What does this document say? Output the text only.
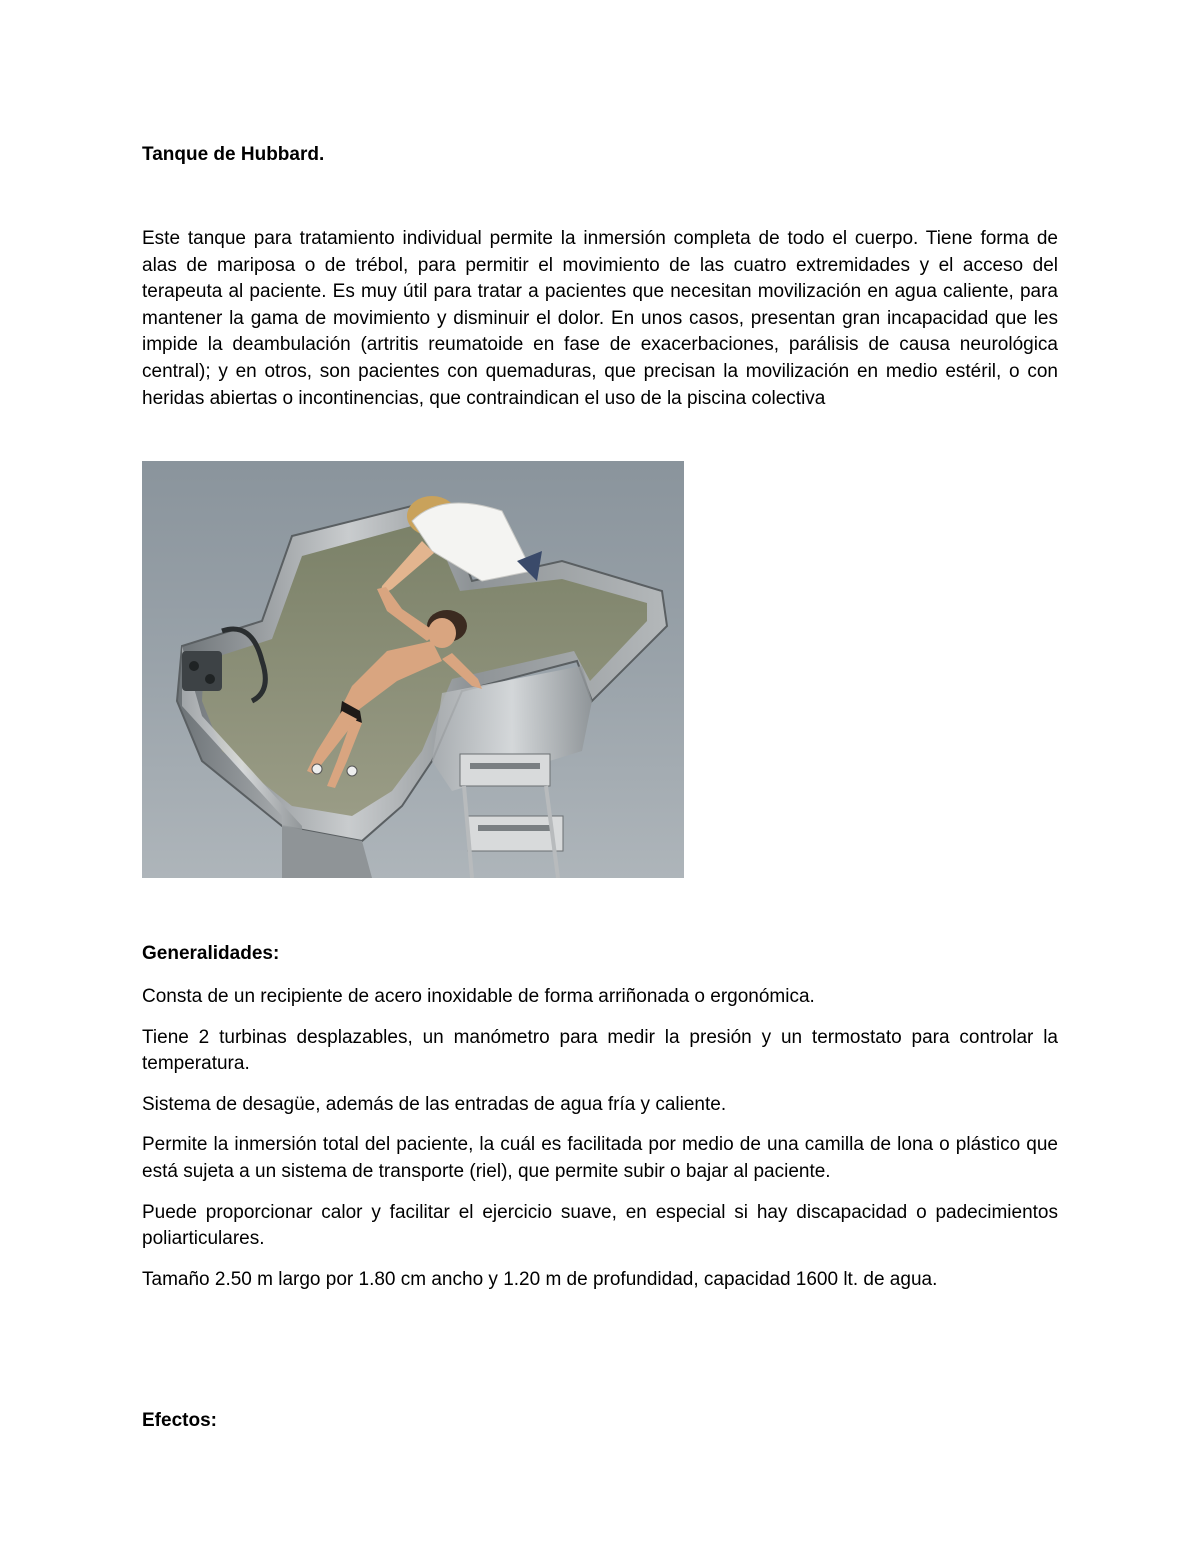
Tanque de Hubbard.

Este tanque para tratamiento individual permite la inmersión completa de todo el cuerpo. Tiene forma de alas de mariposa o de trébol, para permitir el movimiento de las cuatro extremidades y el acceso del terapeuta al paciente. Es muy útil para tratar a pacientes que necesitan movilización en agua caliente, para mantener la gama de movimiento y disminuir el dolor. En unos casos, presentan gran incapacidad que les impide la deambulación (artritis reumatoide en fase de exacerbaciones, parálisis de causa neurológica central); y en otros, son pacientes con quemaduras, que precisan la movilización en medio estéril, o con heridas abiertas o incontinencias, que contraindican el uso de la piscina colectiva

Generalidades:

Consta de un recipiente de acero inoxidable de forma arriñonada o ergonómica.

Tiene 2 turbinas desplazables, un manómetro para medir la presión y un termostato para controlar la temperatura.

Sistema de desagüe, además de las entradas de agua fría y caliente.

Permite la inmersión total del paciente, la cuál es facilitada por medio de una camilla de lona o plástico que está sujeta a un sistema de transporte (riel), que permite subir o bajar al paciente.

Puede proporcionar calor y facilitar el ejercicio suave, en especial si hay discapacidad o padecimientos poliarticulares.

Tamaño 2.50 m largo por 1.80 cm ancho y 1.20 m de profundidad, capacidad 1600 lt. de agua.

Efectos:
